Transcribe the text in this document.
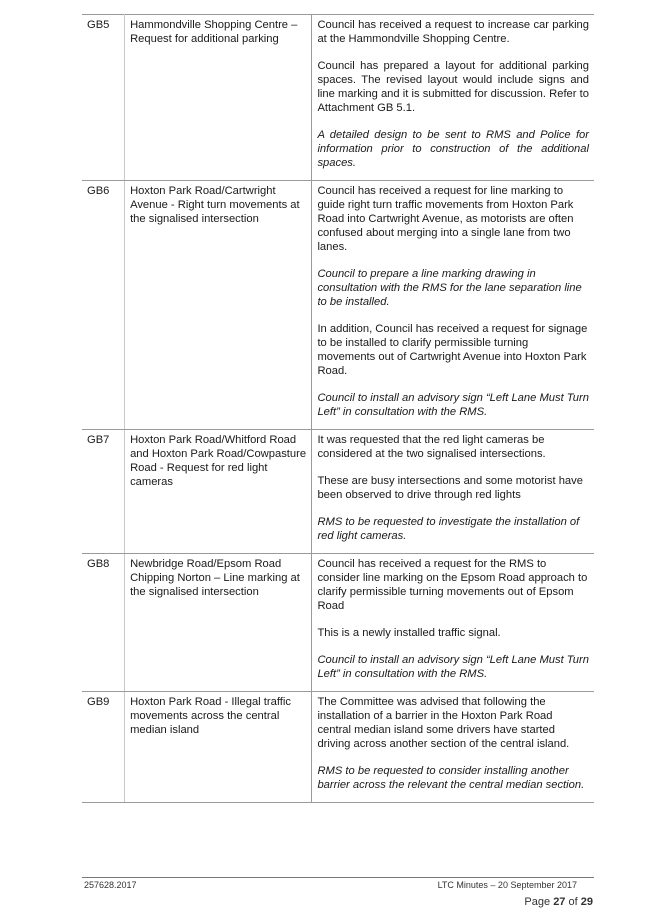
GB5	Hammondville Shopping Centre – Request for additional parking	Council has received a request to increase car parking at the Hammondville Shopping Centre.

Council has prepared a layout for additional parking spaces. The revised layout would include signs and line marking and it is submitted for discussion. Refer to Attachment GB 5.1.

A detailed design to be sent to RMS and Police for information prior to construction of the additional spaces.

GB6	Hoxton Park Road/Cartwright Avenue - Right turn movements at the signalised intersection	Council has received a request for line marking to guide right turn traffic movements from Hoxton Park Road into Cartwright Avenue, as motorists are often confused about merging into a single lane from two lanes.

Council to prepare a line marking drawing in consultation with the RMS for the lane separation line to be installed.

In addition, Council has received a request for signage to be installed to clarify permissible turning movements out of Cartwright Avenue into Hoxton Park Road.

Council to install an advisory sign “Left Lane Must Turn Left” in consultation with the RMS.

GB7	Hoxton Park Road/Whitford Road and Hoxton Park Road/Cowpasture Road - Request for red light cameras	It was requested that the red light cameras be considered at the two signalised intersections.

These are busy intersections and some motorist have been observed to drive through red lights

RMS to be requested to investigate the installation of red light cameras.

GB8	Newbridge Road/Epsom Road Chipping Norton – Line marking at the signalised intersection	Council has received a request for the RMS to consider line marking on the Epsom Road approach to clarify permissible turning movements out of Epsom Road

This is a newly installed traffic signal.

Council to install an advisory sign “Left Lane Must Turn Left” in consultation with the RMS.

GB9	Hoxton Park Road - Illegal traffic movements across the central median island	The Committee was advised that following the installation of a barrier in the Hoxton Park Road central median island some drivers have started driving across another section of the central island.

RMS to be requested to consider installing another barrier across the relevant the central median section.

257628.2017	LTC Minutes – 20 September 2017
Page 27 of 29
